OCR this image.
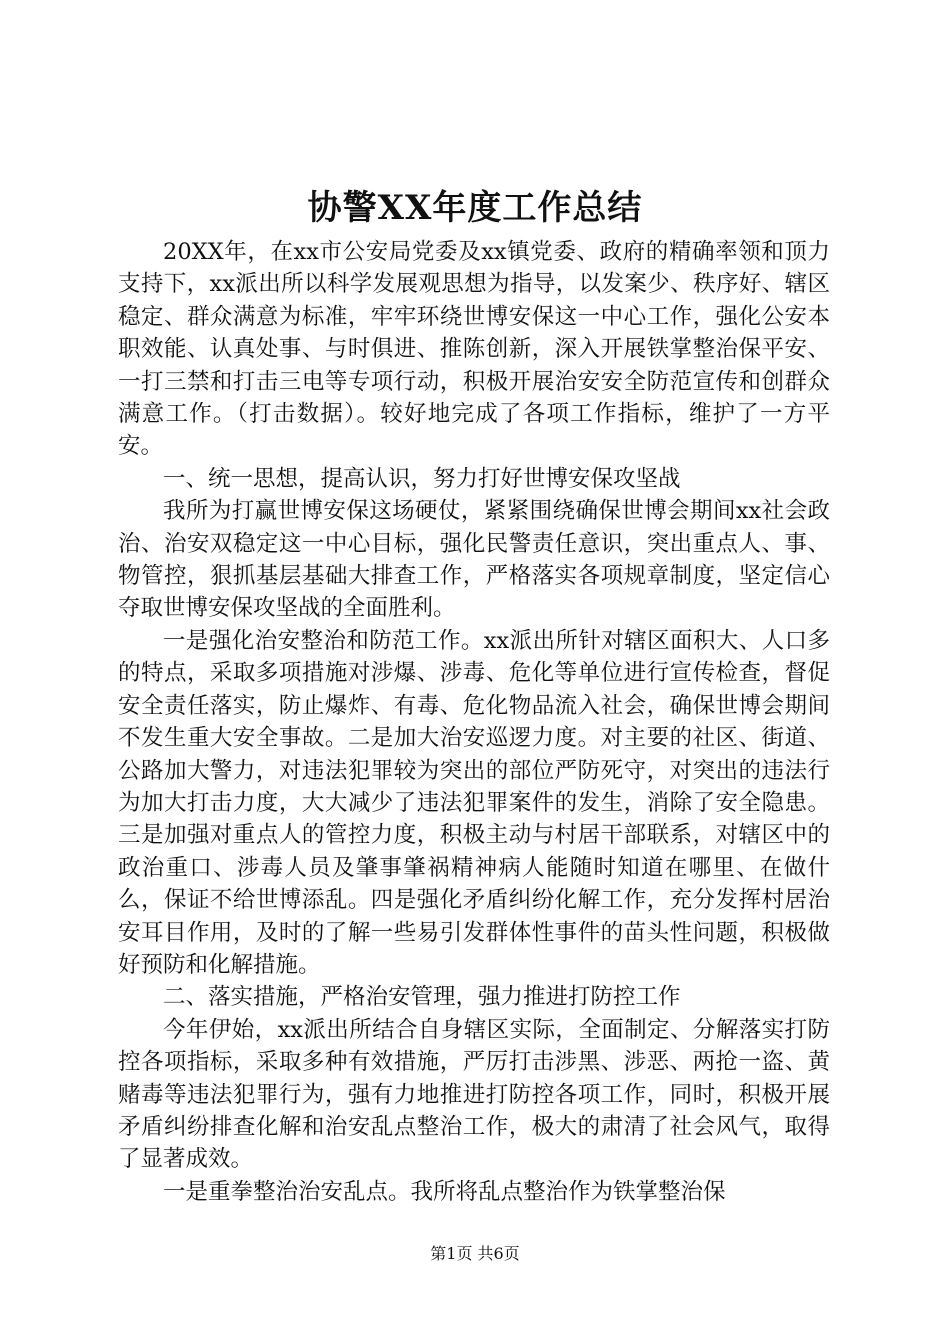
协警XX年度工作总结

20XX年，在xx市公安局党委及xx镇党委、政府的精确率领和顶力支持下，xx派出所以科学发展观思想为指导，以发案少、秩序好、辖区稳定、群众满意为标准，牢牢环绕世博安保这一中心工作，强化公安本职效能、认真处事、与时俱进、推陈创新，深入开展铁掌整治保平安、一打三禁和打击三电等专项行动，积极开展治安安全防范宣传和创群众满意工作。（打击数据）。较好地完成了各项工作指标，维护了一方平安。

一、统一思想，提高认识，努力打好世博安保攻坚战

我所为打赢世博安保这场硬仗，紧紧围绕确保世博会期间xx社会政治、治安双稳定这一中心目标，强化民警责任意识，突出重点人、事、物管控，狠抓基层基础大排查工作，严格落实各项规章制度，坚定信心夺取世博安保攻坚战的全面胜利。

一是强化治安整治和防范工作。xx派出所针对辖区面积大、人口多的特点，采取多项措施对涉爆、涉毒、危化等单位进行宣传检查，督促安全责任落实，防止爆炸、有毒、危化物品流入社会，确保世博会期间不发生重大安全事故。二是加大治安巡逻力度。对主要的社区、街道、公路加大警力，对违法犯罪较为突出的部位严防死守，对突出的违法行为加大打击力度，大大减少了违法犯罪案件的发生，消除了安全隐患。三是加强对重点人的管控力度，积极主动与村居干部联系，对辖区中的政治重口、涉毒人员及肇事肇祸精神病人能随时知道在哪里、在做什么，保证不给世博添乱。四是强化矛盾纠纷化解工作，充分发挥村居治安耳目作用，及时的了解一些易引发群体性事件的苗头性问题，积极做好预防和化解措施。

二、落实措施，严格治安管理，强力推进打防控工作

今年伊始，xx派出所结合自身辖区实际，全面制定、分解落实打防控各项指标，采取多种有效措施，严厉打击涉黑、涉恶、两抢一盗、黄赌毒等违法犯罪行为，强有力地推进打防控各项工作，同时，积极开展矛盾纠纷排查化解和治安乱点整治工作，极大的肃清了社会风气，取得了显著成效。

一是重拳整治治安乱点。我所将乱点整治作为铁掌整治保

第1页 共6页
